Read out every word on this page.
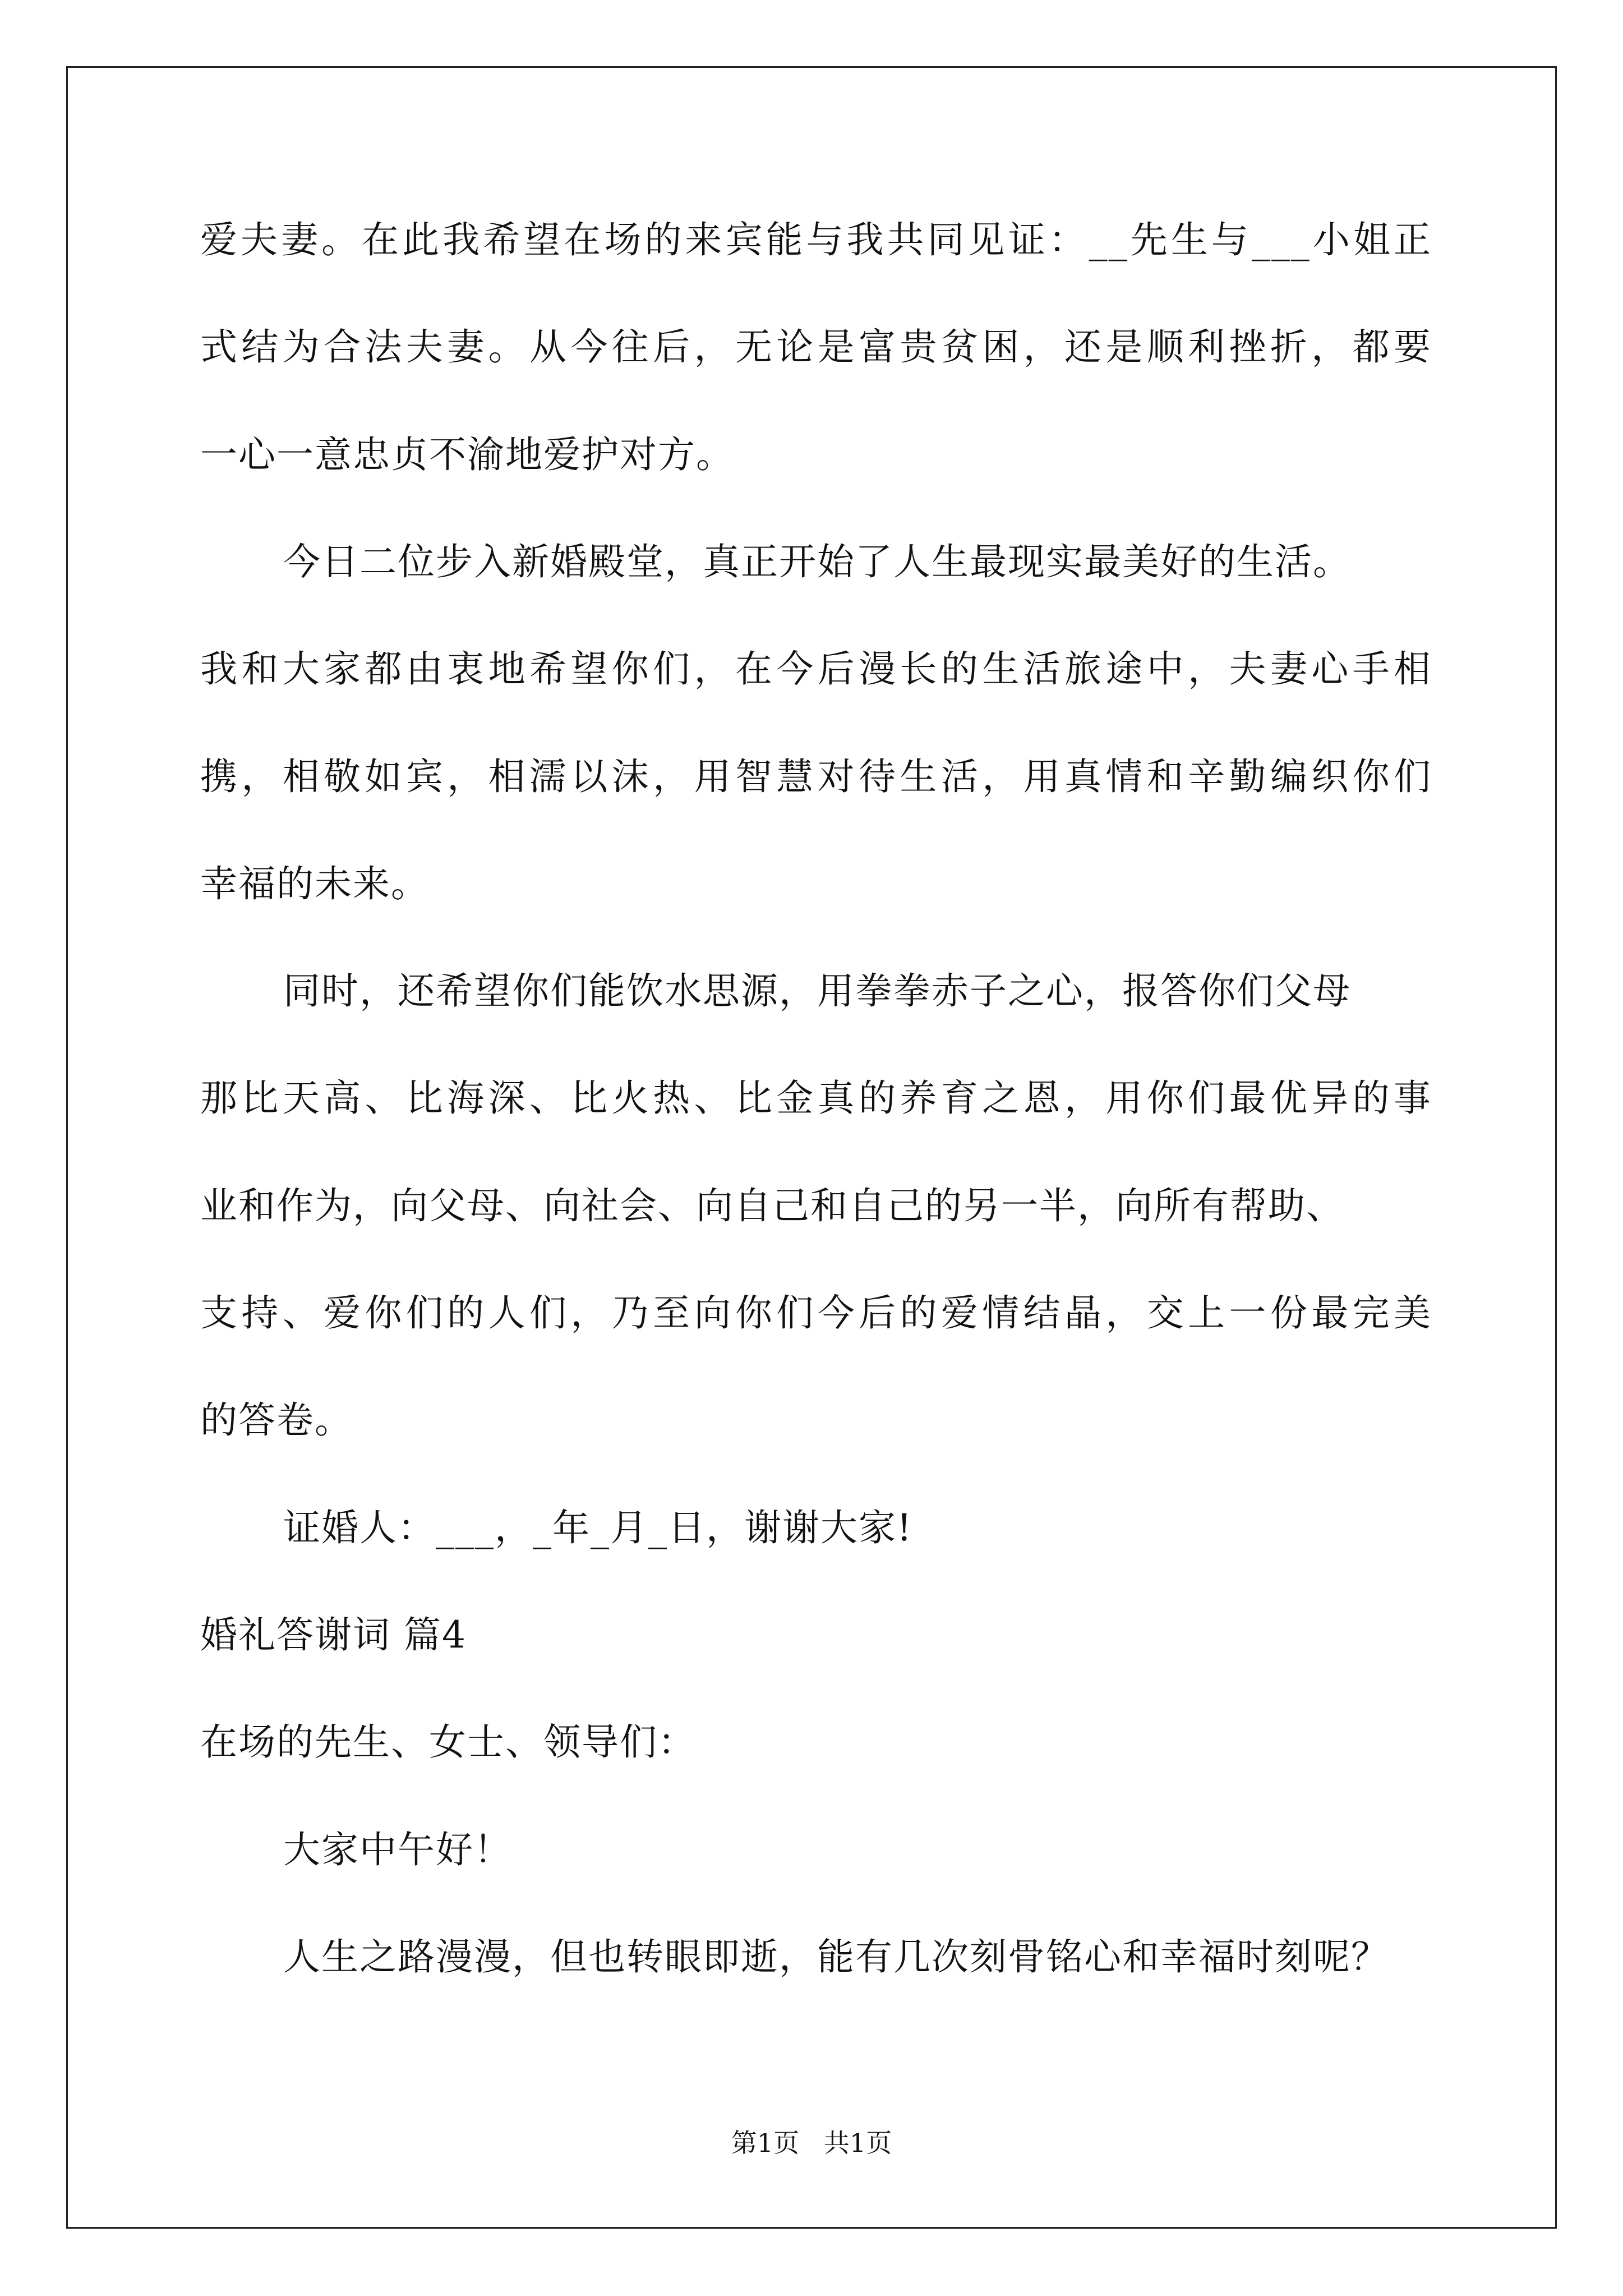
爱夫妻。在此我希望在场的来宾能与我共同见证：__先生与___小姐正
式结为合法夫妻。从今往后，无论是富贵贫困，还是顺利挫折，都要
一心一意忠贞不渝地爱护对方。
今日二位步入新婚殿堂，真正开始了人生最现实最美好的生活。
我和大家都由衷地希望你们，在今后漫长的生活旅途中，夫妻心手相
携，相敬如宾，相濡以沫，用智慧对待生活，用真情和辛勤编织你们
幸福的未来。
同时，还希望你们能饮水思源，用拳拳赤子之心，报答你们父母
那比天高、比海深、比火热、比金真的养育之恩，用你们最优异的事
业和作为，向父母、向社会、向自己和自己的另一半，向所有帮助、
支持、爱你们的人们，乃至向你们今后的爱情结晶，交上一份最完美
的答卷。
证婚人：___，_年_月_日，谢谢大家!
婚礼答谢词 篇4
在场的先生、女士、领导们：
大家中午好！
人生之路漫漫，但也转眼即逝，能有几次刻骨铭心和幸福时刻呢？
第1页   共1页
